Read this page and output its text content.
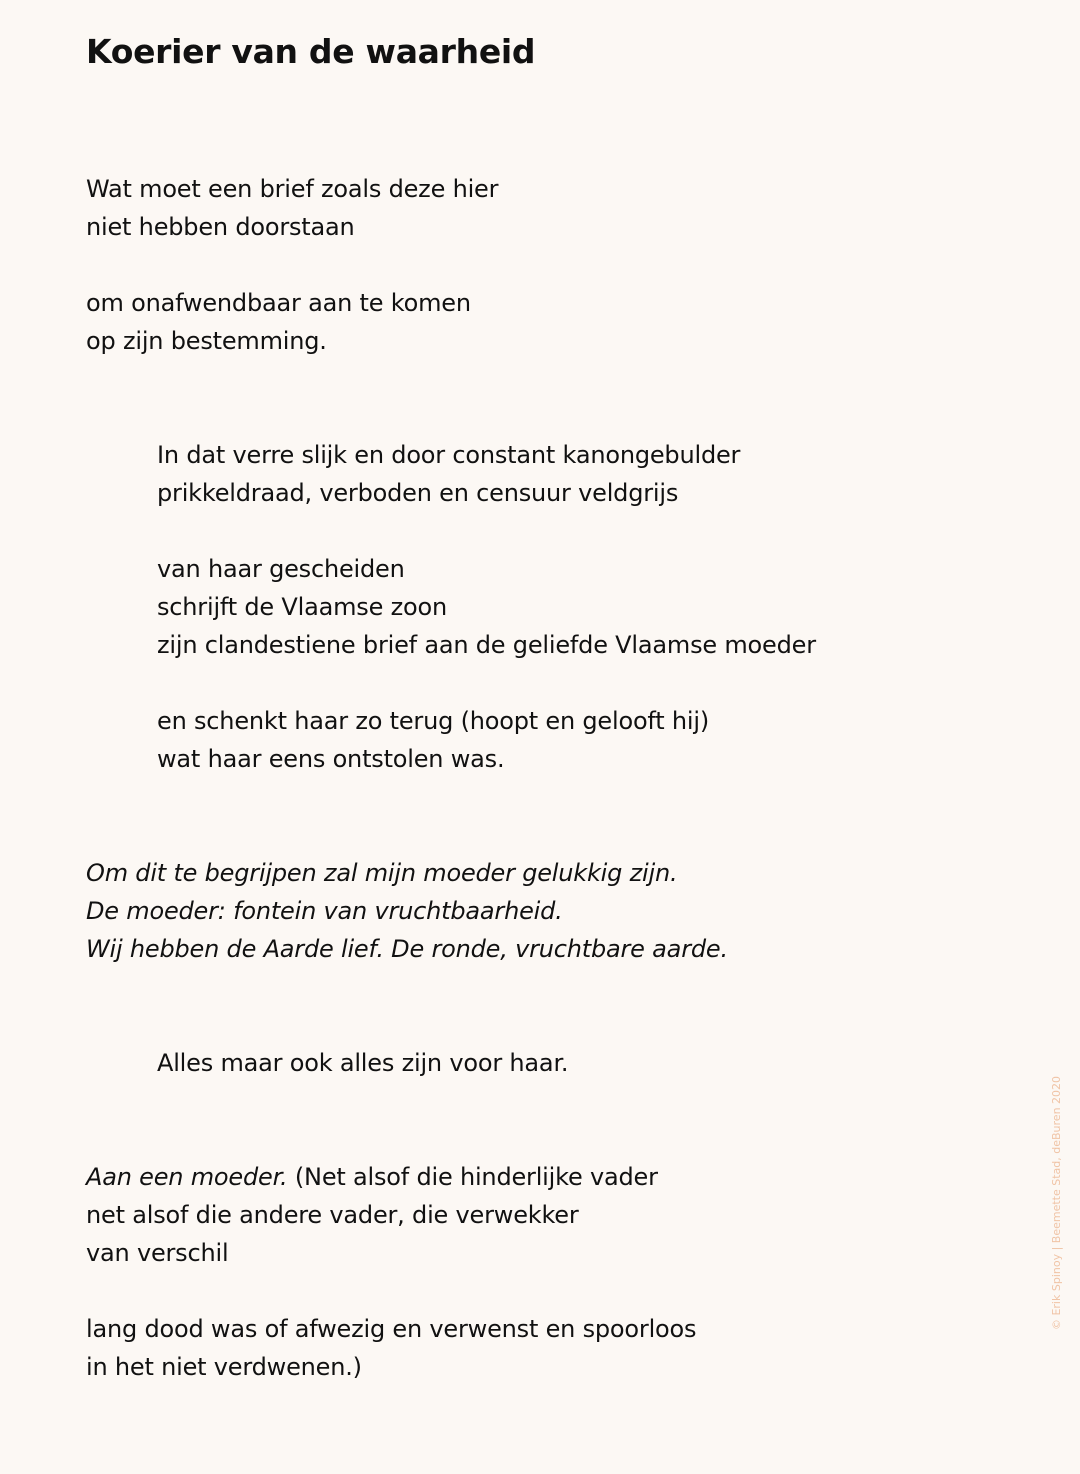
Koerier van de waarheid

Wat moet een brief zoals deze hier

niet hebben doorstaan

om onafwendbaar aan te komen

op zijn bestemming.

In dat verre slijk en door constant kanongebulder

prikkeldraad, verboden en censuur veldgrijs

van haar gescheiden

schrijft de Vlaamse zoon

zijn clandestiene brief aan de geliefde Vlaamse moeder

en schenkt haar zo terug (hoopt en gelooft hij)

wat haar eens ontstolen was.

Om dit te begrijpen zal mijn moeder gelukkig zijn.

De moeder: fontein van vruchtbaarheid.

Wij hebben de Aarde lief. De ronde, vruchtbare aarde.

Alles maar ook alles zijn voor haar.

Aan een moeder. (Net alsof die hinderlijke vader

net alsof die andere vader, die verwekker

van verschil

lang dood was of afwezig en verwenst en spoorloos

in het niet verdwenen.)

© Erik Spinoy | Beemette Stad, deBuren 2020
